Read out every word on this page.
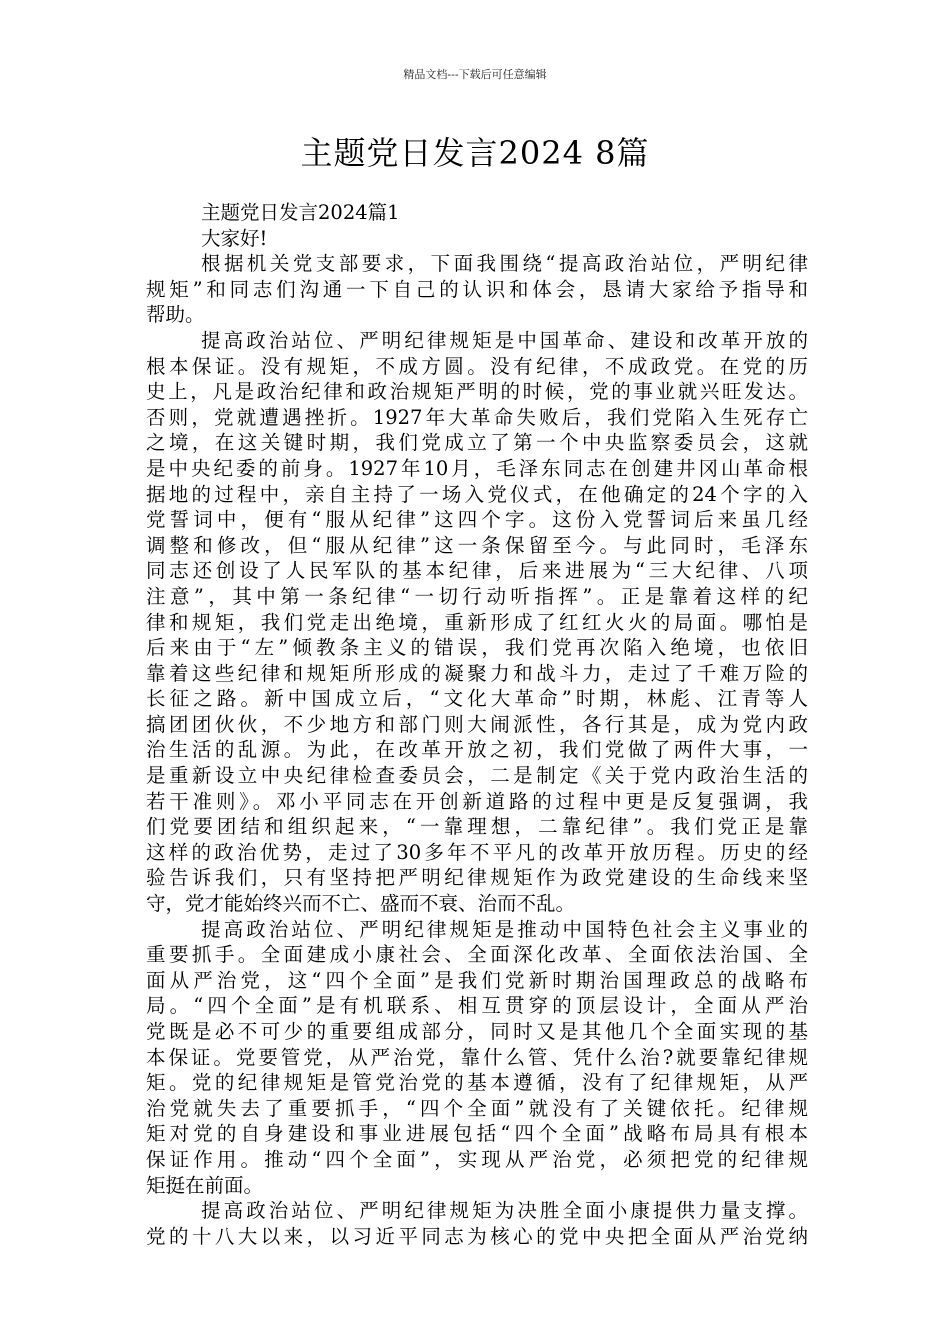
精品文档---下载后可任意编辑
主题党日发言2024 8篇
主题党日发言2024篇1
大家好!
根据机关党支部要求，下面我围绕“提高政治站位，严明纪律
规矩”和同志们沟通一下自己的认识和体会，恳请大家给予指导和
帮助。
提高政治站位、严明纪律规矩是中国革命、建设和改革开放的
根本保证。没有规矩，不成方圆。没有纪律，不成政党。在党的历
史上，凡是政治纪律和政治规矩严明的时候，党的事业就兴旺发达。
否则，党就遭遇挫折。1927年大革命失败后，我们党陷入生死存亡
之境，在这关键时期，我们党成立了第一个中央监察委员会，这就
是中央纪委的前身。1927年10月，毛泽东同志在创建井冈山革命根
据地的过程中，亲自主持了一场入党仪式，在他确定的24个字的入
党誓词中，便有“服从纪律”这四个字。这份入党誓词后来虽几经
调整和修改，但“服从纪律”这一条保留至今。与此同时，毛泽东
同志还创设了人民军队的基本纪律，后来进展为“三大纪律、八项
注意”，其中第一条纪律“一切行动听指挥”。正是靠着这样的纪
律和规矩，我们党走出绝境，重新形成了红红火火的局面。哪怕是
后来由于“左”倾教条主义的错误，我们党再次陷入绝境，也依旧
靠着这些纪律和规矩所形成的凝聚力和战斗力，走过了千难万险的
长征之路。新中国成立后，“文化大革命”时期，林彪、江青等人
搞团团伙伙，不少地方和部门则大闹派性，各行其是，成为党内政
治生活的乱源。为此，在改革开放之初，我们党做了两件大事，一
是重新设立中央纪律检查委员会，二是制定《关于党内政治生活的
若干准则》。邓小平同志在开创新道路的过程中更是反复强调，我
们党要团结和组织起来，“一靠理想，二靠纪律”。我们党正是靠
这样的政治优势，走过了30多年不平凡的改革开放历程。历史的经
验告诉我们，只有坚持把严明纪律规矩作为政党建设的生命线来坚
守，党才能始终兴而不亡、盛而不衰、治而不乱。
提高政治站位、严明纪律规矩是推动中国特色社会主义事业的
重要抓手。全面建成小康社会、全面深化改革、全面依法治国、全
面从严治党，这“四个全面”是我们党新时期治国理政总的战略布
局。“四个全面”是有机联系、相互贯穿的顶层设计，全面从严治
党既是必不可少的重要组成部分，同时又是其他几个全面实现的基
本保证。党要管党，从严治党，靠什么管、凭什么治?就要靠纪律规
矩。党的纪律规矩是管党治党的基本遵循，没有了纪律规矩，从严
治党就失去了重要抓手，“四个全面”就没有了关键依托。纪律规
矩对党的自身建设和事业进展包括“四个全面”战略布局具有根本
保证作用。推动“四个全面”，实现从严治党，必须把党的纪律规
矩挺在前面。
提高政治站位、严明纪律规矩为决胜全面小康提供力量支撑。
党的十八大以来，以习近平同志为核心的党中央把全面从严治党纳
